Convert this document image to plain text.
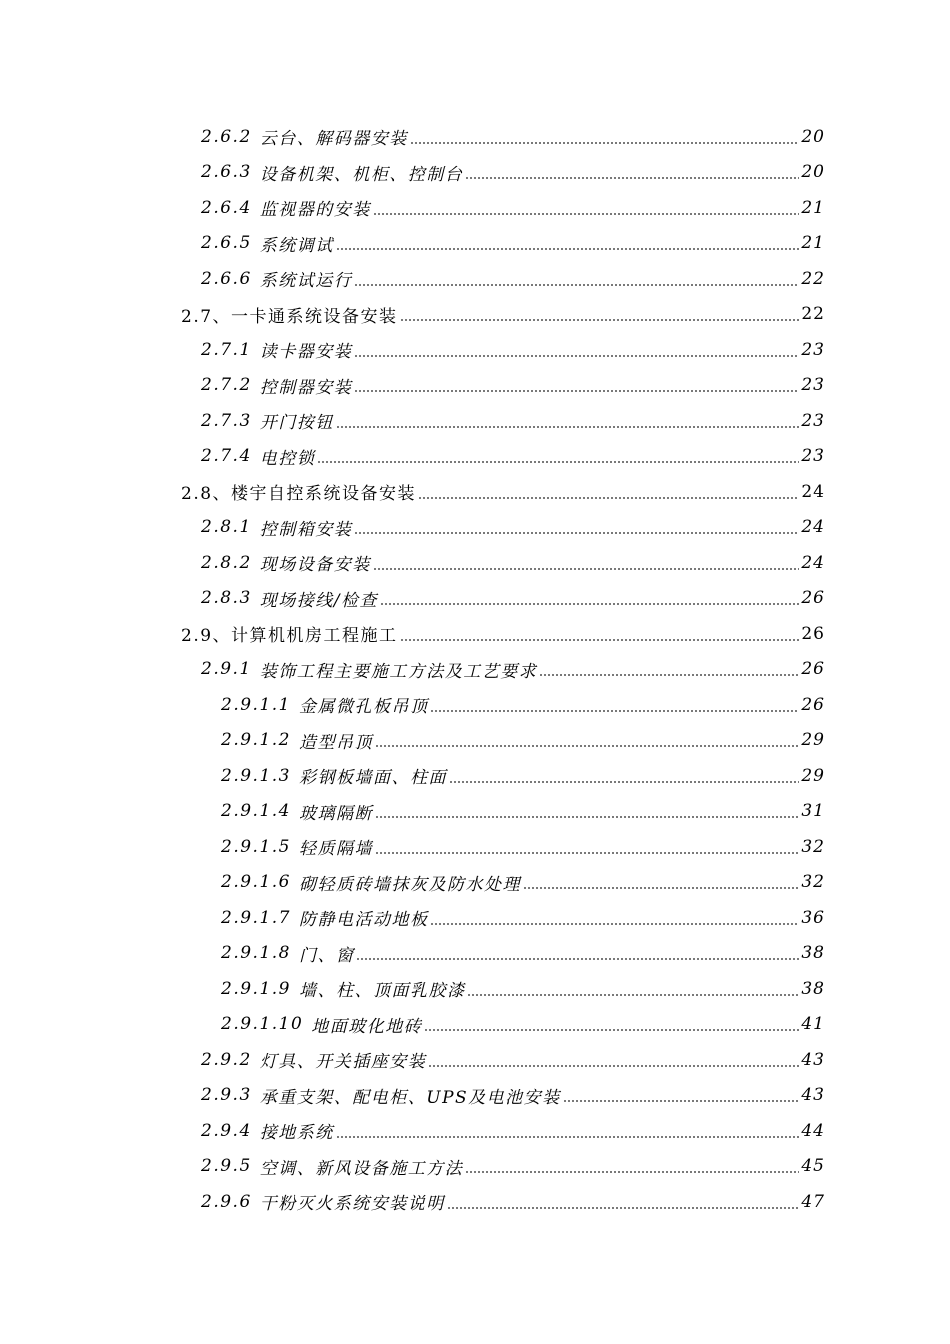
2.6.2 云台、解码器安装	20
2.6.3 设备机架、机柜、控制台	20
2.6.4 监视器的安装	21
2.6.5 系统调试	21
2.6.6 系统试运行	22
2.7、 一卡通系统设备安装	22
2.7.1 读卡器安装	23
2.7.2 控制器安装	23
2.7.3 开门按钮	23
2.7.4 电控锁	23
2.8、 楼宇自控系统设备安装	24
2.8.1 控制箱安装	24
2.8.2 现场设备安装	24
2.8.3 现场接线/检查	26
2.9、 计算机机房工程施工	26
2.9.1 装饰工程主要施工方法及工艺要求	26
2.9.1.1 金属微孔板吊顶	26
2.9.1.2 造型吊顶	29
2.9.1.3 彩钢板墙面、柱面	29
2.9.1.4 玻璃隔断	31
2.9.1.5 轻质隔墙	32
2.9.1.6 砌轻质砖墙抹灰及防水处理	32
2.9.1.7 防静电活动地板	36
2.9.1.8 门、窗	38
2.9.1.9 墙、柱、顶面乳胶漆	38
2.9.1.10 地面玻化地砖	41
2.9.2 灯具、开关插座安装	43
2.9.3 承重支架、配电柜、UPS及电池安装	43
2.9.4 接地系统	44
2.9.5 空调、新风设备施工方法	45
2.9.6 干粉灭火系统安装说明	47
